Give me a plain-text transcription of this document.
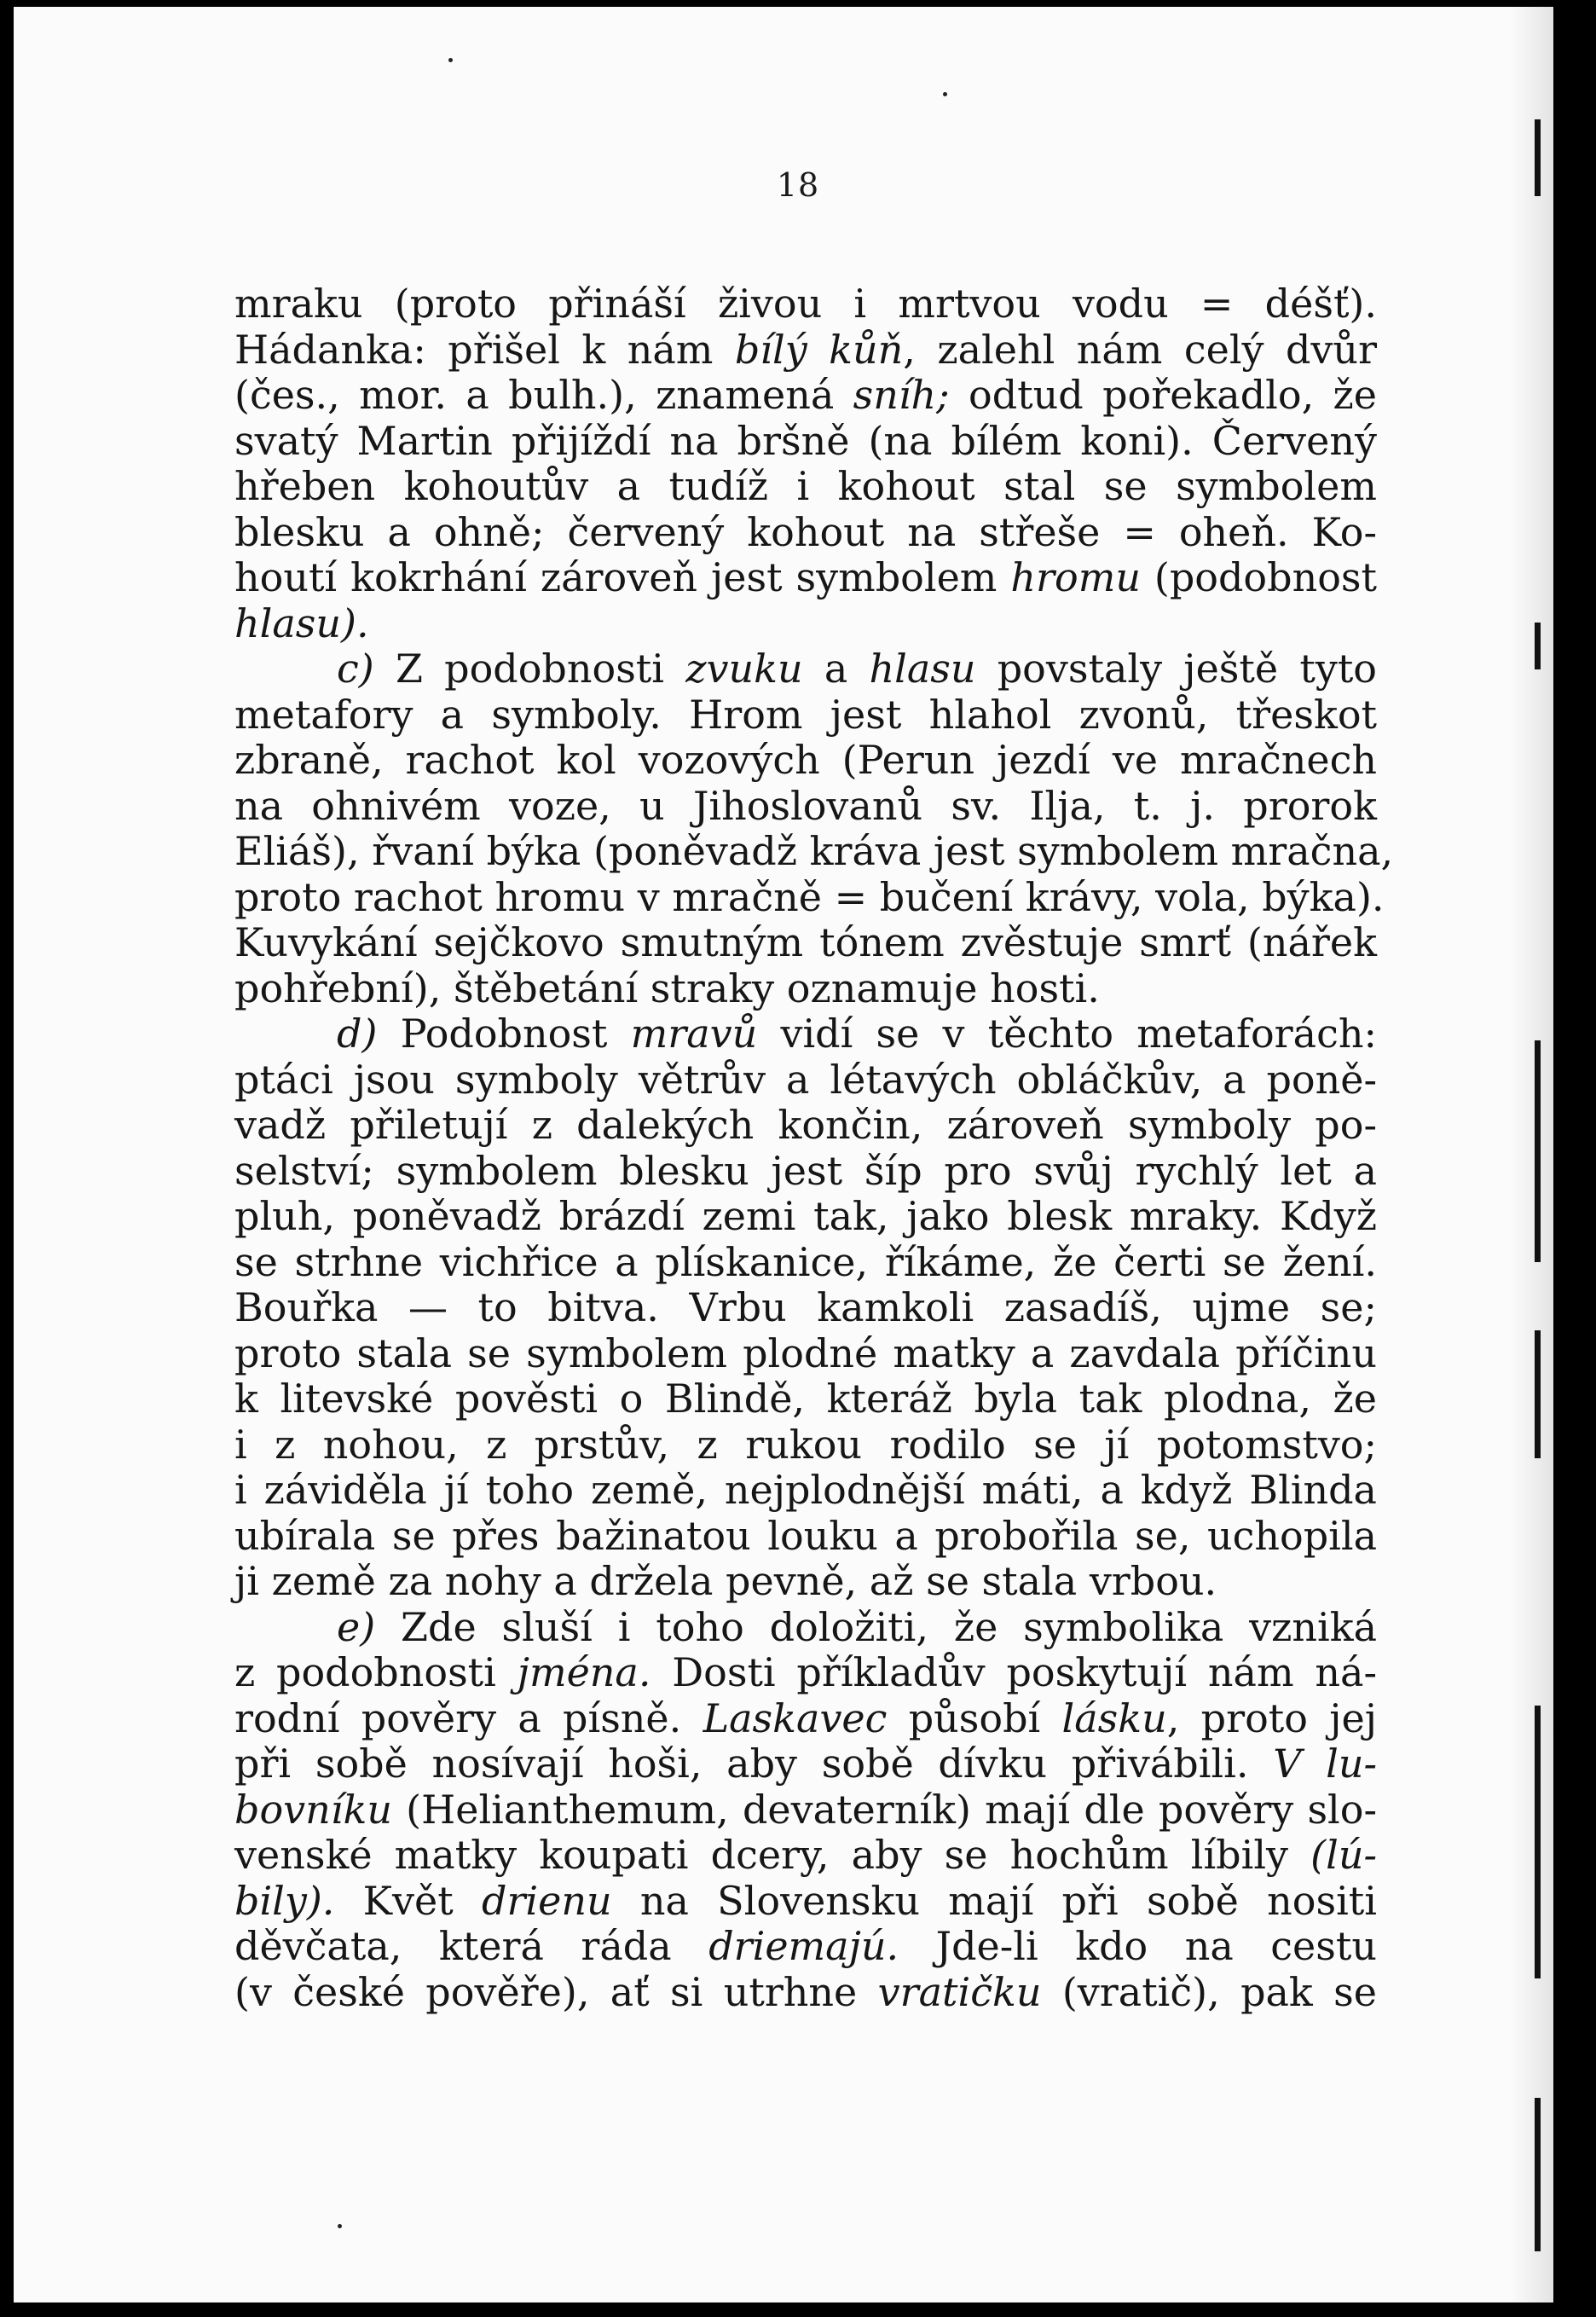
18
mraku (proto přináší živou i mrtvou vodu = déšť).
Hádanka: přišel k nám bílý kůň, zalehl nám celý dvůr
(čes., mor. a bulh.), znamená sníh; odtud pořekadlo, že
svatý Martin přijíždí na bršně (na bílém koni). Červený
hřeben kohoutův a tudíž i kohout stal se symbolem
blesku a ohně; červený kohout na střeše = oheň. Ko-
houtí kokrhání zároveň jest symbolem hromu (podobnost
hlasu).
c) Z podobnosti zvuku a hlasu povstaly ještě tyto
metafory a symboly. Hrom jest hlahol zvonů, třeskot
zbraně, rachot kol vozových (Perun jezdí ve mračnech
na ohnivém voze, u Jihoslovanů sv. Ilja, t. j. prorok
Eliáš), řvaní býka (poněvadž kráva jest symbolem mračna,
proto rachot hromu v mračně = bučení krávy, vola, býka).
Kuvykání sejčkovo smutným tónem zvěstuje smrť (nářek
pohřební), štěbetání straky oznamuje hosti.
d) Podobnost mravů vidí se v těchto metaforách:
ptáci jsou symboly větrův a létavých obláčkův, a poně-
vadž přiletují z dalekých končin, zároveň symboly po-
selství; symbolem blesku jest šíp pro svůj rychlý let a
pluh, poněvadž brázdí zemi tak, jako blesk mraky. Když
se strhne vichřice a plískanice, říkáme, že čerti se žení.
Bouřka — to bitva. Vrbu kamkoli zasadíš, ujme se;
proto stala se symbolem plodné matky a zavdala příčinu
k litevské pověsti o Blindě, kteráž byla tak plodna, že
i z nohou, z prstův, z rukou rodilo se jí potomstvo;
i záviděla jí toho země, nejplodnější máti, a když Blinda
ubírala se přes bažinatou louku a probořila se, uchopila
ji země za nohy a držela pevně, až se stala vrbou.
e) Zde sluší i toho doložiti, že symbolika vzniká
z podobnosti jména. Dosti příkladův poskytují nám ná-
rodní pověry a písně. Laskavec působí lásku, proto jej
při sobě nosívají hoši, aby sobě dívku přivábili. V lu-
bovníku (Helianthemum, devaterník) mají dle pověry slo-
venské matky koupati dcery, aby se hochům líbily (lú-
bily). Květ drienu na Slovensku mají při sobě nositi
děvčata, která ráda driemajú. Jde-li kdo na cestu
(v české pověře), ať si utrhne vratičku (vratič), pak se
